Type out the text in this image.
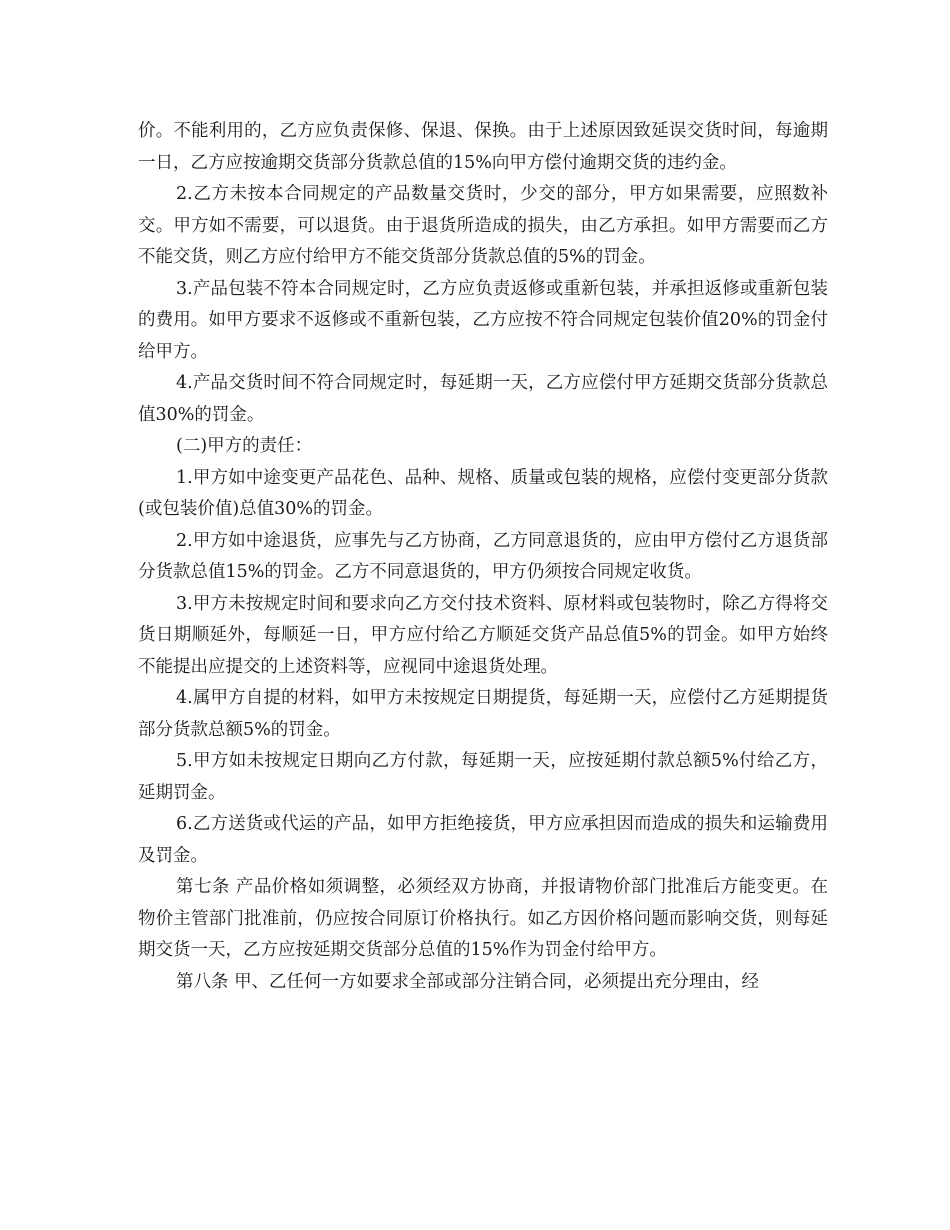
价。不能利用的，乙方应负责保修、保退、保换。由于上述原因致延误交货时间，每逾期一日，乙方应按逾期交货部分货款总值的15%向甲方偿付逾期交货的违约金。

2.乙方未按本合同规定的产品数量交货时，少交的部分，甲方如果需要，应照数补交。甲方如不需要，可以退货。由于退货所造成的损失，由乙方承担。如甲方需要而乙方不能交货，则乙方应付给甲方不能交货部分货款总值的5%的罚金。

3.产品包装不符本合同规定时，乙方应负责返修或重新包装，并承担返修或重新包装的费用。如甲方要求不返修或不重新包装，乙方应按不符合同规定包装价值20%的罚金付给甲方。

4.产品交货时间不符合同规定时，每延期一天，乙方应偿付甲方延期交货部分货款总值30%的罚金。

(二)甲方的责任：

1.甲方如中途变更产品花色、品种、规格、质量或包装的规格，应偿付变更部分货款(或包装价值)总值30%的罚金。

2.甲方如中途退货，应事先与乙方协商，乙方同意退货的，应由甲方偿付乙方退货部分货款总值15%的罚金。乙方不同意退货的，甲方仍须按合同规定收货。

3.甲方未按规定时间和要求向乙方交付技术资料、原材料或包装物时，除乙方得将交货日期顺延外，每顺延一日，甲方应付给乙方顺延交货产品总值5%的罚金。如甲方始终不能提出应提交的上述资料等，应视同中途退货处理。

4.属甲方自提的材料，如甲方未按规定日期提货，每延期一天，应偿付乙方延期提货部分货款总额5%的罚金。

5.甲方如未按规定日期向乙方付款，每延期一天，应按延期付款总额5%付给乙方，延期罚金。

6.乙方送货或代运的产品，如甲方拒绝接货，甲方应承担因而造成的损失和运输费用及罚金。

第七条 产品价格如须调整，必须经双方协商，并报请物价部门批准后方能变更。在物价主管部门批准前，仍应按合同原订价格执行。如乙方因价格问题而影响交货，则每延期交货一天，乙方应按延期交货部分总值的15%作为罚金付给甲方。

第八条 甲、乙任何一方如要求全部或部分注销合同，必须提出充分理由，经
